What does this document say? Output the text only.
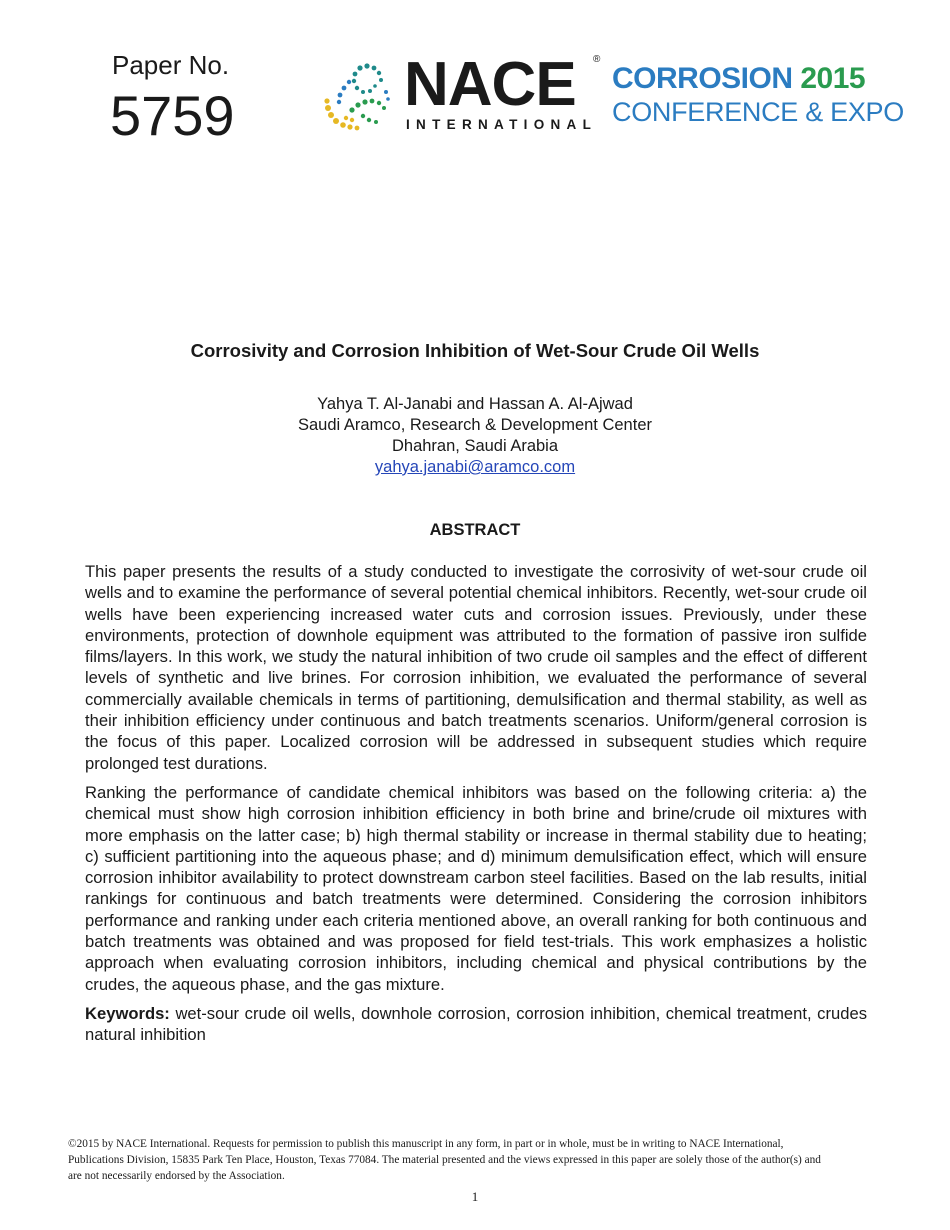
Paper No.
5759	NACE ®
INTERNATIONAL
CORROSION 2015
CONFERENCE & EXPO
Corrosivity and Corrosion Inhibition of Wet-Sour Crude Oil Wells
Yahya T. Al-Janabi and Hassan A. Al-Ajwad
Saudi Aramco, Research & Development Center
Dhahran, Saudi Arabia
yahya.janabi@aramco.com
ABSTRACT

This paper presents the results of a study conducted to investigate the corrosivity of wet-sour crude oil wells and to examine the performance of several potential chemical inhibitors. Recently, wet-sour crude oil wells have been experiencing increased water cuts and corrosion issues. Previously, under these environments, protection of downhole equipment was attributed to the formation of passive iron sulfide films/layers. In this work, we study the natural inhibition of two crude oil samples and the effect of different levels of synthetic and live brines. For corrosion inhibition, we evaluated the performance of several commercially available chemicals in terms of partitioning, demulsification and thermal stability, as well as their inhibition efficiency under continuous and batch treatments scenarios. Uniform/general corrosion is the focus of this paper. Localized corrosion will be addressed in subsequent studies which require prolonged test durations.

Ranking the performance of candidate chemical inhibitors was based on the following criteria: a) the chemical must show high corrosion inhibition efficiency in both brine and brine/crude oil mixtures with more emphasis on the latter case; b) high thermal stability or increase in thermal stability due to heating; c) sufficient partitioning into the aqueous phase; and d) minimum demulsification effect, which will ensure corrosion inhibitor availability to protect downstream carbon steel facilities. Based on the lab results, initial rankings for continuous and batch treatments were determined. Considering the corrosion inhibitors performance and ranking under each criteria mentioned above, an overall ranking for both continuous and batch treatments was obtained and was proposed for field test-trials. This work emphasizes a holistic approach when evaluating corrosion inhibitors, including chemical and physical contributions by the crudes, the aqueous phase, and the gas mixture.

Keywords: wet-sour crude oil wells, downhole corrosion, corrosion inhibition, chemical treatment, crudes natural inhibition

©2015 by NACE International. Requests for permission to publish this manuscript in any form, in part or in whole, must be in writing to NACE International, Publications Division, 15835 Park Ten Place, Houston, Texas 77084. The material presented and the views expressed in this paper are solely those of the author(s) and are not necessarily endorsed by the Association.
1
